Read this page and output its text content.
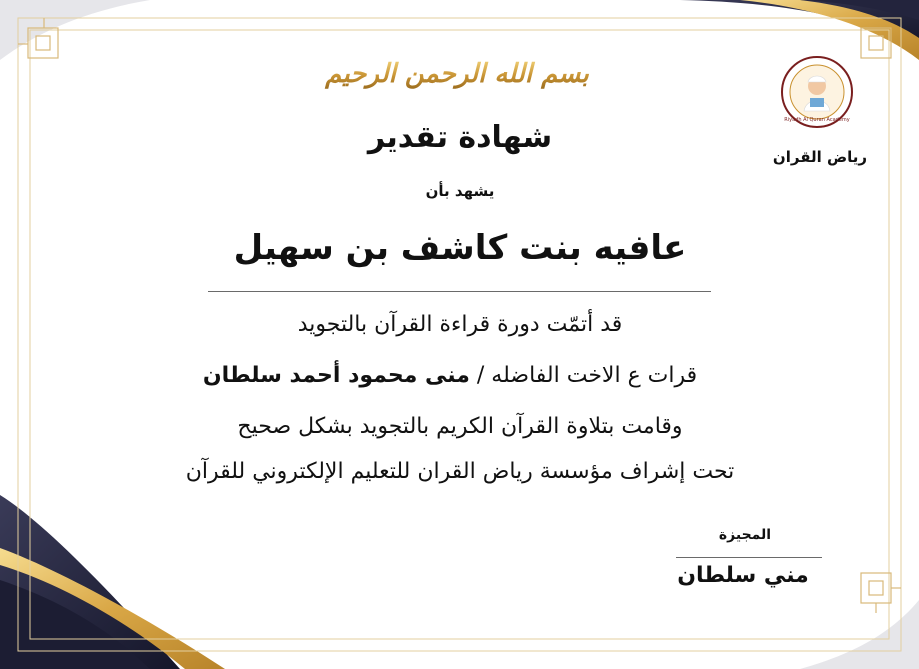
بسم الله الرحمن الرحيم
Riyadh Al Quran Academy
رياض القران
شهادة تقدير
يشهد بأن
عافيه بنت كاشف بن سهيل
قد أتمّت دورة قراءة القرآن بالتجويد
قرات ع الاخت الفاضله / منى محمود أحمد سلطان
وقامت بتلاوة القرآن الكريم بالتجويد بشكل صحيح
تحت إشراف مؤسسة رياض القران للتعليم الإلكتروني للقرآن
المجيزة
مني سلطان
